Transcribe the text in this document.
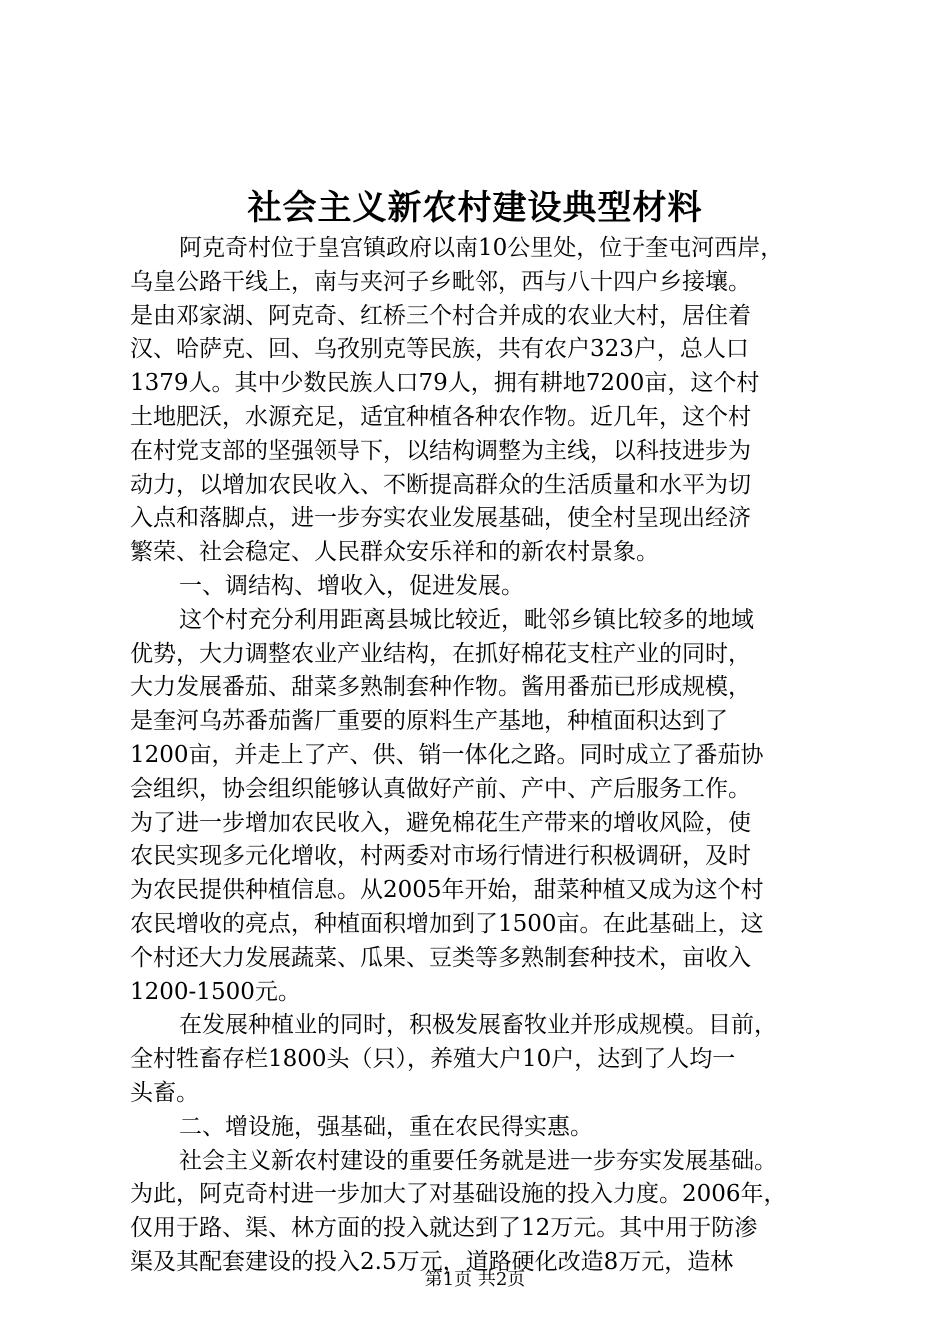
社会主义新农村建设典型材料
阿克奇村位于皇宫镇政府以南10公里处，位于奎屯河西岸，
乌皇公路干线上，南与夹河子乡毗邻，西与八十四户乡接壤。
是由邓家湖、阿克奇、红桥三个村合并成的农业大村，居住着
汉、哈萨克、回、乌孜别克等民族，共有农户323户，总人口
1379人。其中少数民族人口79人，拥有耕地7200亩，这个村
土地肥沃，水源充足，适宜种植各种农作物。近几年，这个村
在村党支部的坚强领导下，以结构调整为主线，以科技进步为
动力，以增加农民收入、不断提高群众的生活质量和水平为切
入点和落脚点，进一步夯实农业发展基础，使全村呈现出经济
繁荣、社会稳定、人民群众安乐祥和的新农村景象。
一、调结构、增收入，促进发展。
这个村充分利用距离县城比较近，毗邻乡镇比较多的地域
优势，大力调整农业产业结构，在抓好棉花支柱产业的同时，
大力发展番茄、甜菜多熟制套种作物。酱用番茄已形成规模，
是奎河乌苏番茄酱厂重要的原料生产基地，种植面积达到了
1200亩，并走上了产、供、销一体化之路。同时成立了番茄协
会组织，协会组织能够认真做好产前、产中、产后服务工作。
为了进一步增加农民收入，避免棉花生产带来的增收风险，使
农民实现多元化增收，村两委对市场行情进行积极调研，及时
为农民提供种植信息。从2005年开始，甜菜种植又成为这个村
农民增收的亮点，种植面积增加到了1500亩。在此基础上，这
个村还大力发展蔬菜、瓜果、豆类等多熟制套种技术，亩收入
1200-1500元。
在发展种植业的同时，积极发展畜牧业并形成规模。目前，
全村牲畜存栏1800头（只），养殖大户10户，达到了人均一
头畜。
二、增设施，强基础，重在农民得实惠。
社会主义新农村建设的重要任务就是进一步夯实发展基础。
为此，阿克奇村进一步加大了对基础设施的投入力度。2006年，
仅用于路、渠、林方面的投入就达到了12万元。其中用于防渗
渠及其配套建设的投入2.5万元，道路硬化改造8万元，造林
第1页 共2页
